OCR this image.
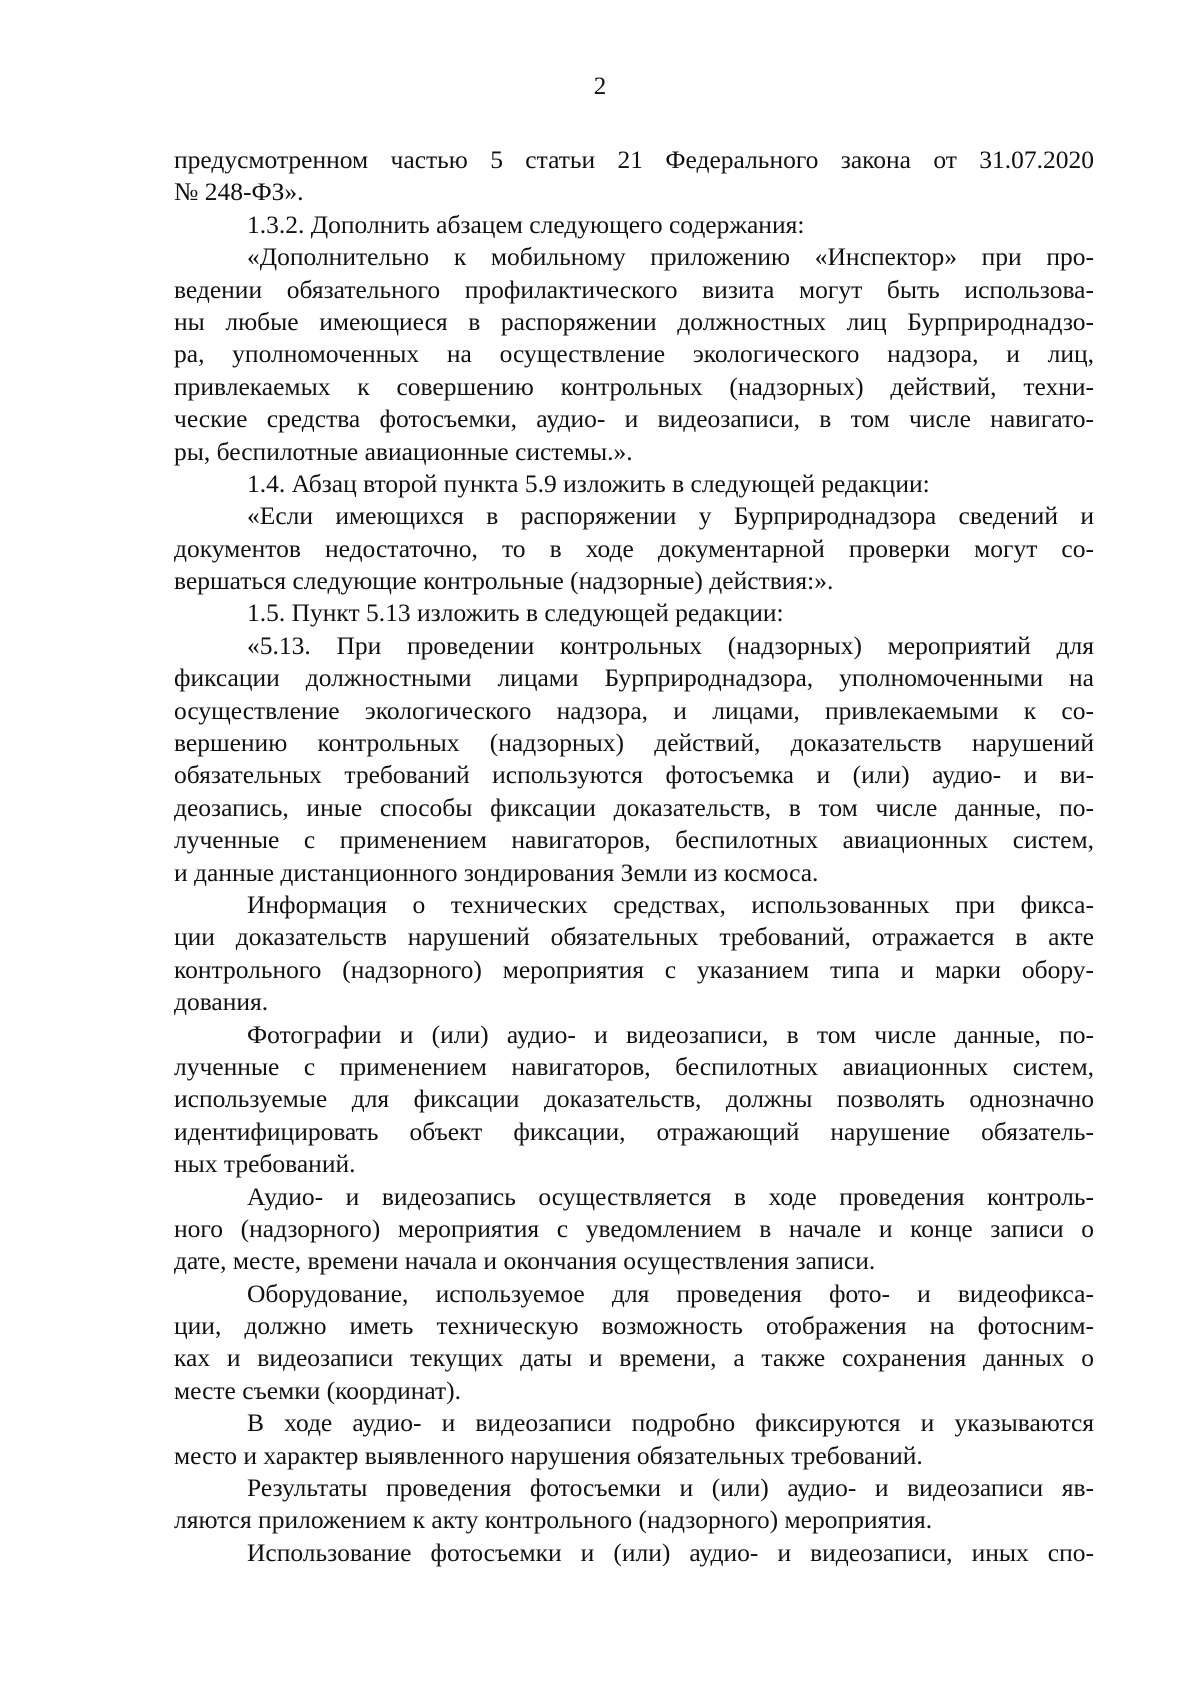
2
предусмотренном частью 5 статьи 21 Федерального закона от 31.07.2020
№ 248-ФЗ».
1.3.2. Дополнить абзацем следующего содержания:
«Дополнительно к мобильному приложению «Инспектор» при про-
ведении обязательного профилактического визита могут быть использова-
ны любые имеющиеся в распоряжении должностных лиц Бурприроднадзо-
ра, уполномоченных на осуществление экологического надзора, и лиц,
привлекаемых к совершению контрольных (надзорных) действий, техни-
ческие средства фотосъемки, аудио- и видеозаписи, в том числе навигато-
ры, беспилотные авиационные системы.».
1.4. Абзац второй пункта 5.9 изложить в следующей редакции:
«Если имеющихся в распоряжении у Бурприроднадзора сведений и
документов недостаточно, то в ходе документарной проверки могут со-
вершаться следующие контрольные (надзорные) действия:».
1.5. Пункт 5.13 изложить в следующей редакции:
«5.13. При проведении контрольных (надзорных) мероприятий для
фиксации должностными лицами Бурприроднадзора, уполномоченными на
осуществление экологического надзора, и лицами, привлекаемыми к со-
вершению контрольных (надзорных) действий, доказательств нарушений
обязательных требований используются фотосъемка и (или) аудио- и ви-
деозапись, иные способы фиксации доказательств, в том числе данные, по-
лученные с применением навигаторов, беспилотных авиационных систем,
и данные дистанционного зондирования Земли из космоса.
Информация о технических средствах, использованных при фикса-
ции доказательств нарушений обязательных требований, отражается в акте
контрольного (надзорного) мероприятия с указанием типа и марки обору-
дования.
Фотографии и (или) аудио- и видеозаписи, в том числе данные, по-
лученные с применением навигаторов, беспилотных авиационных систем,
используемые для фиксации доказательств, должны позволять однозначно
идентифицировать объект фиксации, отражающий нарушение обязатель-
ных требований.
Аудио- и видеозапись осуществляется в ходе проведения контроль-
ного (надзорного) мероприятия с уведомлением в начале и конце записи о
дате, месте, времени начала и окончания осуществления записи.
Оборудование, используемое для проведения фото- и видеофикса-
ции, должно иметь техническую возможность отображения на фотосним-
ках и видеозаписи текущих даты и времени, а также сохранения данных о
месте съемки (координат).
В ходе аудио- и видеозаписи подробно фиксируются и указываются
место и характер выявленного нарушения обязательных требований.
Результаты проведения фотосъемки и (или) аудио- и видеозаписи яв-
ляются приложением к акту контрольного (надзорного) мероприятия.
Использование фотосъемки и (или) аудио- и видеозаписи, иных спо-
